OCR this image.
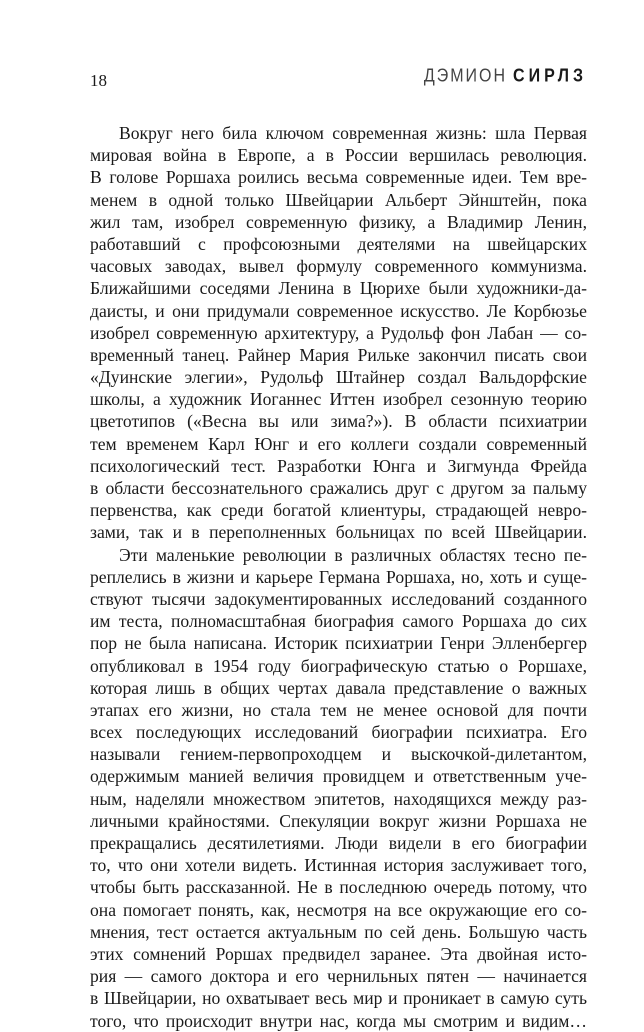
18	ДЭМИОН СИРЛЗ
Вокруг него била ключом современная жизнь: шла Первая
мировая война в Европе, а в России вершилась революция.
В голове Роршаха роились весьма современные идеи. Тем вре-
менем в одной только Швейцарии Альберт Эйнштейн, пока
жил там, изобрел современную физику, а Владимир Ленин,
работавший с профсоюзными деятелями на швейцарских
часовых заводах, вывел формулу современного коммунизма.
Ближайшими соседями Ленина в Цюрихе были художники-да-
даисты, и они придумали современное искусство. Ле Корбюзье
изобрел современную архитектуру, а Рудольф фон Лабан — со-
временный танец. Райнер Мария Рильке закончил писать свои
«Дуинские элегии», Рудольф Штайнер создал Вальдорфские
школы, а художник Иоганнес Иттен изобрел сезонную теорию
цветотипов («Весна вы или зима?»). В области психиатрии
тем временем Карл Юнг и его коллеги создали современный
психологический тест. Разработки Юнга и Зигмунда Фрейда
в области бессознательного сражались друг с другом за пальму
первенства, как среди богатой клиентуры, страдающей невро-
зами, так и в переполненных больницах по всей Швейцарии.
Эти маленькие революции в различных областях тесно пе-
реплелись в жизни и карьере Германа Роршаха, но, хоть и суще-
ствуют тысячи задокументированных исследований созданного
им теста, полномасштабная биография самого Роршаха до сих
пор не была написана. Историк психиатрии Генри Элленбергер
опубликовал в 1954 году биографическую статью о Роршахе,
которая лишь в общих чертах давала представление о важных
этапах его жизни, но стала тем не менее основой для почти
всех последующих исследований биографии психиатра. Его
называли гением-первопроходцем и выскочкой-дилетантом,
одержимым манией величия провидцем и ответственным уче-
ным, наделяли множеством эпитетов, находящихся между раз-
личными крайностями. Спекуляции вокруг жизни Роршаха не
прекращались десятилетиями. Люди видели в его биографии
то, что они хотели видеть. Истинная история заслуживает того,
чтобы быть рассказанной. Не в последнюю очередь потому, что
она помогает понять, как, несмотря на все окружающие его со-
мнения, тест остается актуальным по сей день. Большую часть
этих сомнений Роршах предвидел заранее. Эта двойная исто-
рия — самого доктора и его чернильных пятен — начинается
в Швейцарии, но охватывает весь мир и проникает в самую суть
того, что происходит внутри нас, когда мы смотрим и видим…
